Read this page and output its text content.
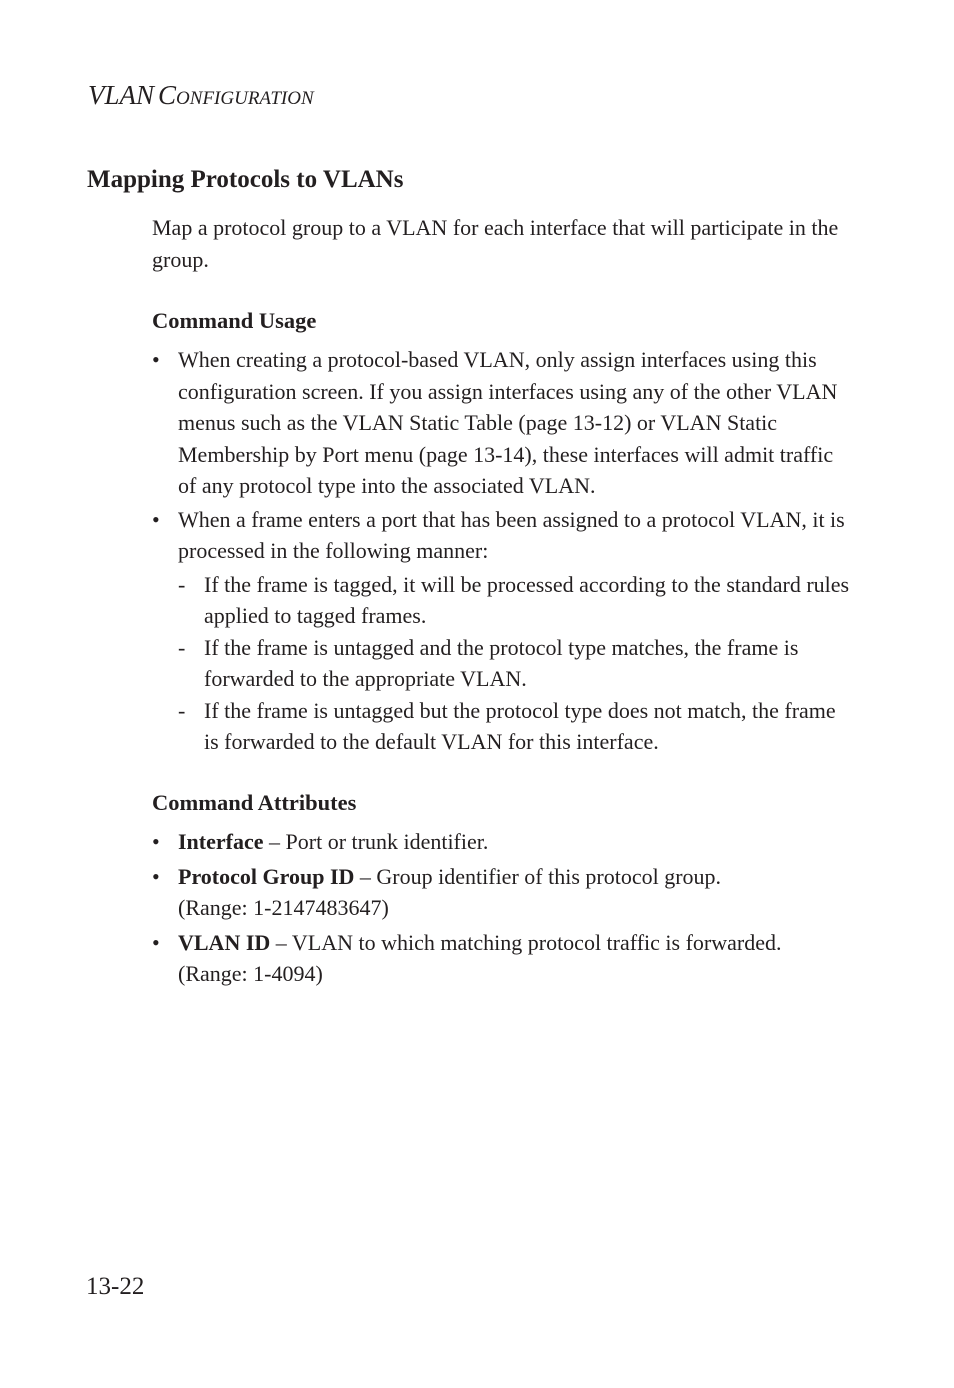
VLAN CONFIGURATION
Mapping Protocols to VLANs
Map a protocol group to a VLAN for each interface that will participate in the group.
Command Usage
• When creating a protocol-based VLAN, only assign interfaces using this configuration screen. If you assign interfaces using any of the other VLAN menus such as the VLAN Static Table (page 13-12) or VLAN Static Membership by Port menu (page 13-14), these interfaces will admit traffic of any protocol type into the associated VLAN.
• When a frame enters a port that has been assigned to a protocol VLAN, it is processed in the following manner:
- If the frame is tagged, it will be processed according to the standard rules applied to tagged frames.
- If the frame is untagged and the protocol type matches, the frame is forwarded to the appropriate VLAN.
- If the frame is untagged but the protocol type does not match, the frame is forwarded to the default VLAN for this interface.
Command Attributes
• Interface – Port or trunk identifier.
• Protocol Group ID – Group identifier of this protocol group.
(Range: 1-2147483647)
• VLAN ID – VLAN to which matching protocol traffic is forwarded.
(Range: 1-4094)
13-22
